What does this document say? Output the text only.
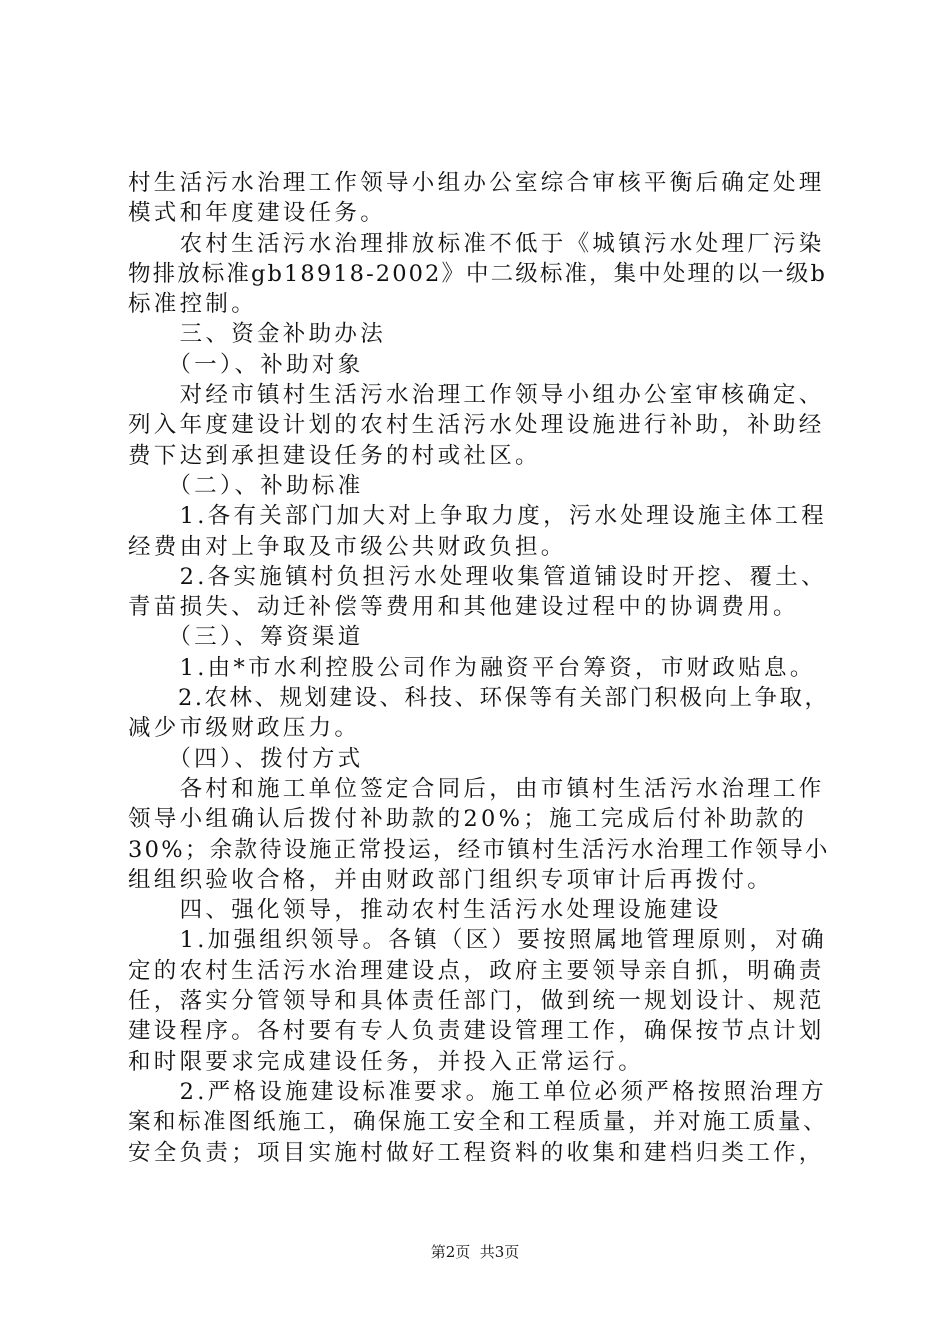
村生活污水治理工作领导小组办公室综合审核平衡后确定处理
模式和年度建设任务。
　　农村生活污水治理排放标准不低于《城镇污水处理厂污染
物排放标准gb18918-2002》中二级标准，集中处理的以一级b
标准控制。
　　三、资金补助办法
　　（一）、补助对象
　　对经市镇村生活污水治理工作领导小组办公室审核确定、
列入年度建设计划的农村生活污水处理设施进行补助，补助经
费下达到承担建设任务的村或社区。
　　（二）、补助标准
　　1.各有关部门加大对上争取力度，污水处理设施主体工程
经费由对上争取及市级公共财政负担。
　　2.各实施镇村负担污水处理收集管道铺设时开挖、覆土、
青苗损失、动迁补偿等费用和其他建设过程中的协调费用。
　　（三）、筹资渠道
　　1.由*市水利控股公司作为融资平台筹资，市财政贴息。
　　2.农林、规划建设、科技、环保等有关部门积极向上争取，
减少市级财政压力。
　　（四）、拨付方式
　　各村和施工单位签定合同后，由市镇村生活污水治理工作
领导小组确认后拨付补助款的20%；施工完成后付补助款的
30%；余款待设施正常投运，经市镇村生活污水治理工作领导小
组组织验收合格，并由财政部门组织专项审计后再拨付。
　　四、强化领导，推动农村生活污水处理设施建设
　　1.加强组织领导。各镇（区）要按照属地管理原则，对确
定的农村生活污水治理建设点，政府主要领导亲自抓，明确责
任，落实分管领导和具体责任部门，做到统一规划设计、规范
建设程序。各村要有专人负责建设管理工作，确保按节点计划
和时限要求完成建设任务，并投入正常运行。
　　2.严格设施建设标准要求。施工单位必须严格按照治理方
案和标准图纸施工，确保施工安全和工程质量，并对施工质量、
安全负责；项目实施村做好工程资料的收集和建档归类工作，
第2页  共3页
